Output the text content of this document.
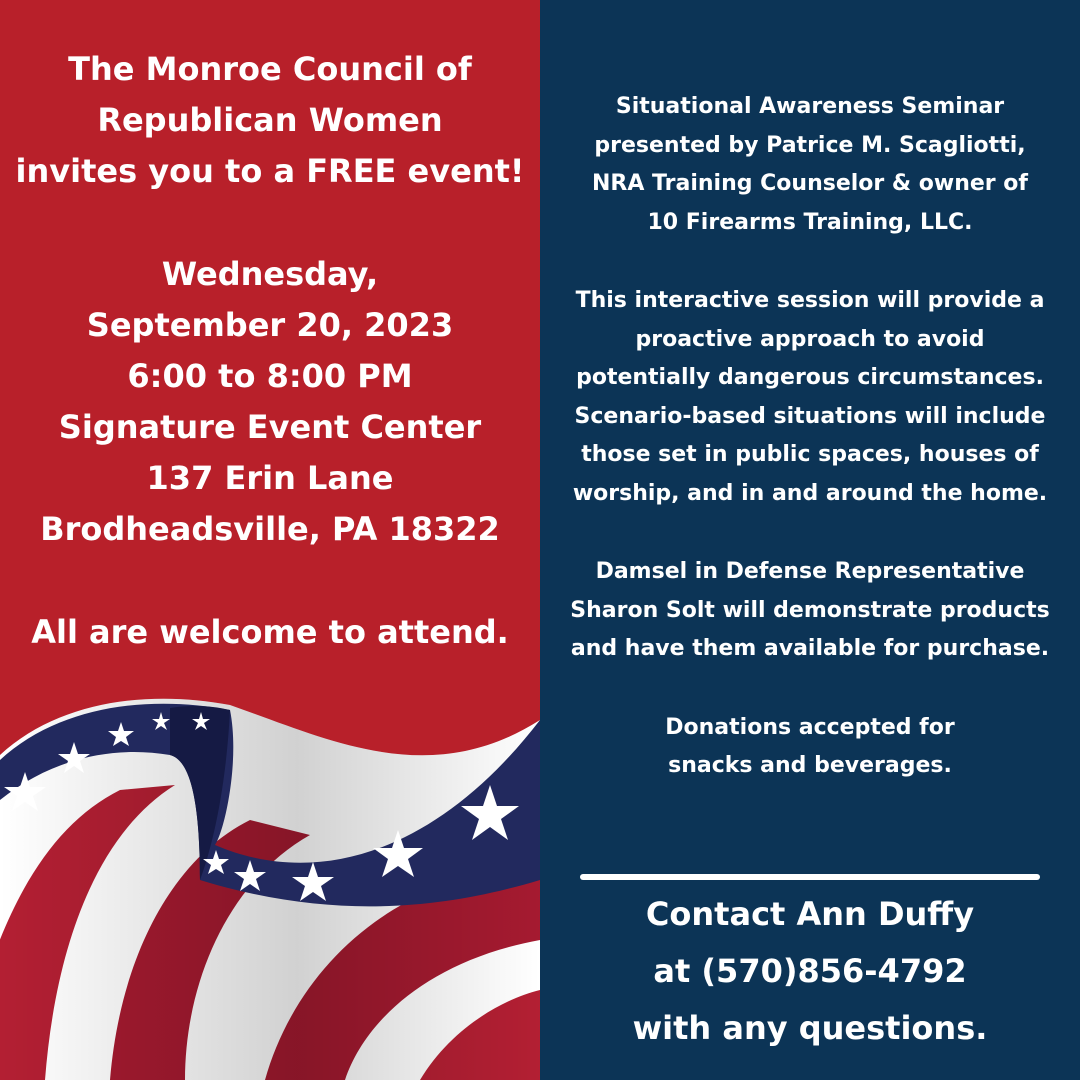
The Monroe Council of
Republican Women
invites you to a FREE event!
Wednesday,
September 20, 2023
6:00 to 8:00 PM
Signature Event Center
137 Erin Lane
Brodheadsville, PA 18322
All are welcome to attend.
Situational Awareness Seminar
presented by Patrice M. Scagliotti,
NRA Training Counselor & owner of
10 Firearms Training, LLC.
This interactive session will provide a
proactive approach to avoid
potentially dangerous circumstances.
Scenario-based situations will include
those set in public spaces, houses of
worship, and in and around the home.
Damsel in Defense Representative
Sharon Solt will demonstrate products
and have them available for purchase.
Donations accepted for
snacks and beverages.
Contact Ann Duffy
at (570)856-4792
with any questions.
